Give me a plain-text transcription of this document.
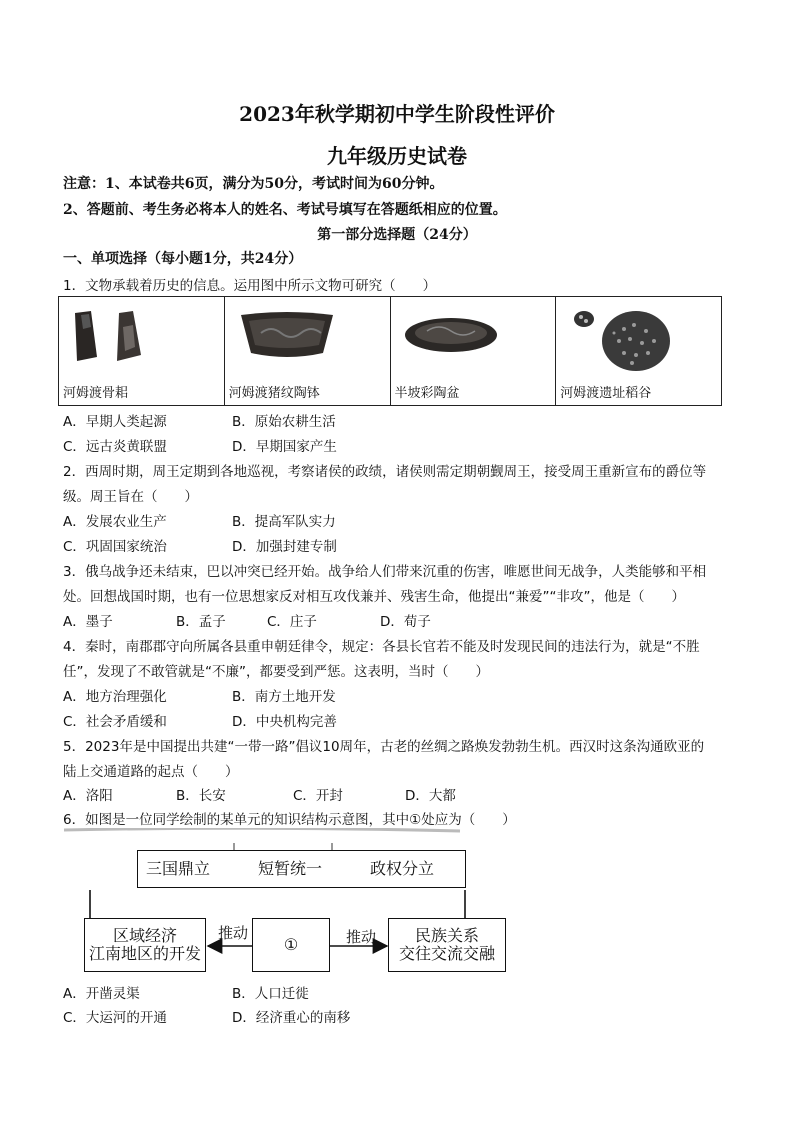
2023年秋学期初中学生阶段性评价
九年级历史试卷
注意：1、本试卷共6页，满分为50分，考试时间为60分钟。
2、答题前、考生务必将本人的姓名、考试号填写在答题纸相应的位置。
第一部分选择题（24分）
一、单项选择（每小题1分，共24分）
1．文物承载着历史的信息。运用图中所示文物可研究（　　）
河姆渡骨耜	河姆渡猪纹陶钵	半坡彩陶盆	河姆渡遗址稻谷
A．早期人类起源	B．原始农耕生活
C．远古炎黄联盟	D．早期国家产生
2．西周时期，周王定期到各地巡视，考察诸侯的政绩，诸侯则需定期朝觐周王，接受周王重新宣布的爵位等
级。周王旨在（　　）
A．发展农业生产	B．提高军队实力
C．巩固国家统治	D．加强封建专制
3．俄乌战争还未结束，巴以冲突已经开始。战争给人们带来沉重的伤害，唯愿世间无战争，人类能够和平相
处。回想战国时期，也有一位思想家反对相互攻伐兼并、残害生命，他提出“兼爱”“非攻”，他是（　　）
A．墨子	B．孟子	C．庄子	D．荀子
4．秦时，南郡郡守向所属各县重申朝廷律令，规定：各县长官若不能及时发现民间的违法行为，就是“不胜
任”，发现了不敢管就是“不廉”，都要受到严惩。这表明，当时（　　）
A．地方治理强化	B．南方土地开发
C．社会矛盾缓和	D．中央机构完善
5．2023年是中国提出共建“一带一路”倡议10周年，古老的丝绸之路焕发勃勃生机。西汉时这条沟通欧亚的
陆上交通道路的起点（　　）
A．洛阳	B．长安	C．开封	D．大都
6．如图是一位同学绘制的某单元的知识结构示意图，其中①处应为（　　）
三国鼎立	短暂统一	政权分立
区域经济
江南地区的开发	①	民族关系
交往交流交融
推动	推动
A．开凿灵渠	B．人口迁徙
C．大运河的开通	D．经济重心的南移
